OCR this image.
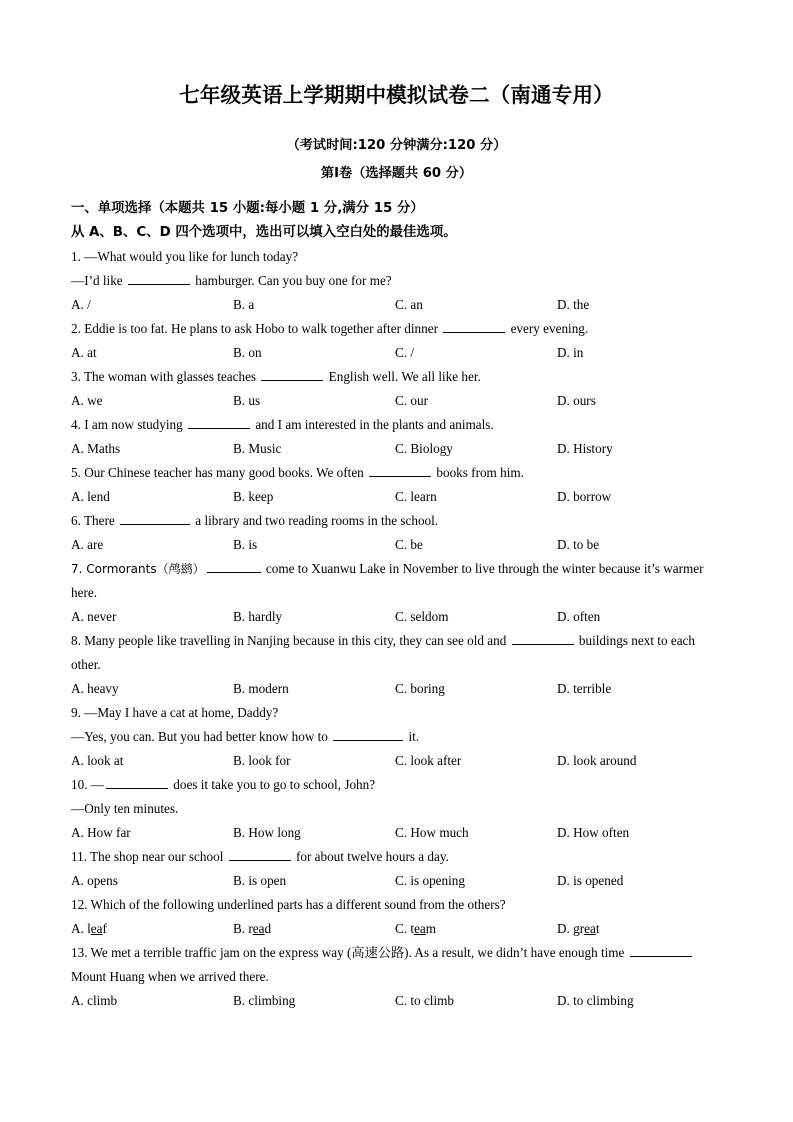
七年级英语上学期期中模拟试卷二（南通专用）

（考试时间:120 分钟满分:120 分）

第I卷（选择题共 60 分）

一、单项选择（本题共 15 小题:每小题 1 分,满分 15 分）

从 A、B、C、D 四个选项中，选出可以填入空白处的最佳选项。

1. —What would you like for lunch today?

—I’d like	hamburger. Can you buy one for me?

A. /	B. a	C. an	D. the

2. Eddie is too fat. He plans to ask Hobo to walk together after dinner	every evening.

A. at	B. on	C. /	D. in

3. The woman with glasses teaches	English well. We all like her.

A. we	B. us	C. our	D. ours

4. I am now studying	and I am interested in the plants and animals.

A. Maths	B. Music	C. Biology	D. History

5. Our Chinese teacher has many good books. We often	books from him.

A. lend	B. keep	C. learn	D. borrow

6. There	a library and two reading rooms in the school.

A. are	B. is	C. be	D. to be

7. Cormorants（鸬鹚）	come to Xuanwu Lake in November to live through the winter because it’s warmer

here.

A. never	B. hardly	C. seldom	D. often

8. Many people like travelling in Nanjing because in this city, they can see old and	buildings next to each

other.

A. heavy	B. modern	C. boring	D. terrible

9. —May I have a cat at home, Daddy?

—Yes, you can. But you had better know how to	it.

A. look at	B. look for	C. look after	D. look around

10. —	does it take you to go to school, John?

—Only ten minutes.

A. How far	B. How long	C. How much	D. How often

11. The shop near our school	for about twelve hours a day.

A. opens	B. is open	C. is opening	D. is opened

12. Which of the following underlined parts has a different sound from the others?

A. leaf	B. read	C. team	D. great

13. We met a terrible traffic jam on the express way (高速公路). As a result, we didn’t have enough time

Mount Huang when we arrived there.

A. climb	B. climbing	C. to climb	D. to climbing
